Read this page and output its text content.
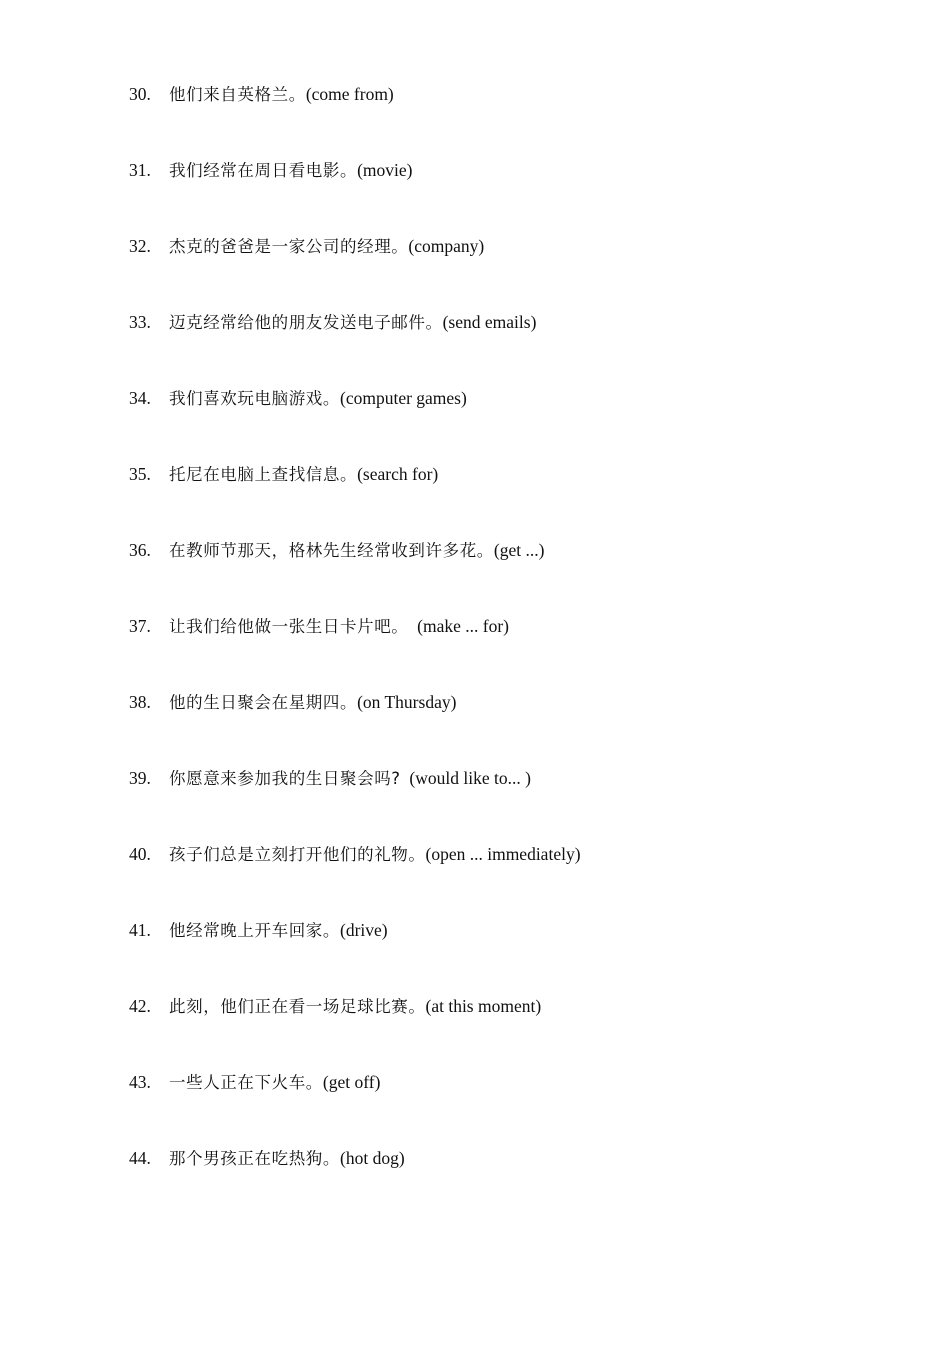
30. 他们来自英格兰。(come from)
31. 我们经常在周日看电影。(movie)
32. 杰克的爸爸是一家公司的经理。(company)
33. 迈克经常给他的朋友发送电子邮件。(send emails)
34. 我们喜欢玩电脑游戏。(computer games)
35. 托尼在电脑上查找信息。(search for)
36. 在教师节那天，格林先生经常收到许多花。(get ...)
37. 让我们给他做一张生日卡片吧。  (make ... for)
38. 他的生日聚会在星期四。(on Thursday)
39. 你愿意来参加我的生日聚会吗?  (would like to... )
40. 孩子们总是立刻打开他们的礼物。(open ... immediately)
41. 他经常晚上开车回家。(drive)
42. 此刻，他们正在看一场足球比赛。(at this moment)
43. 一些人正在下火车。(get off)
44. 那个男孩正在吃热狗。(hot dog)
